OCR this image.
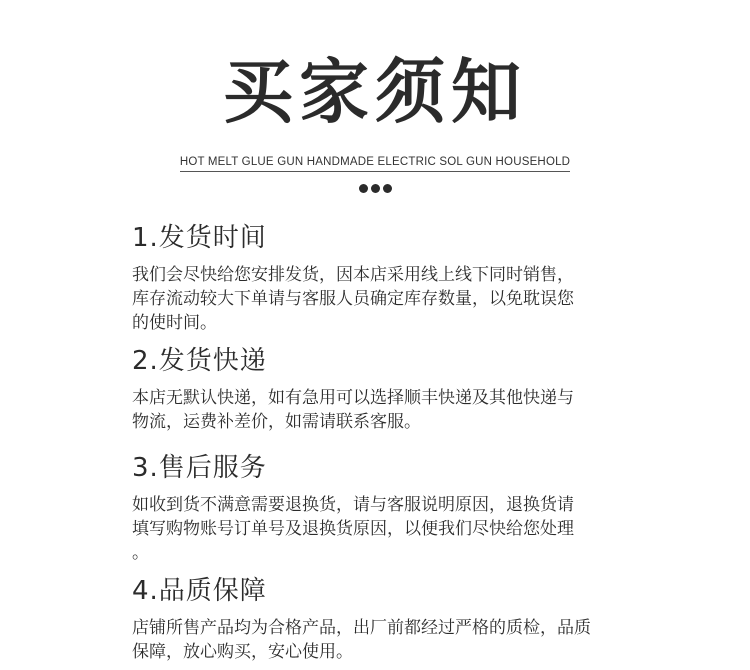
买家须知
HOT MELT GLUE GUN HANDMADE ELECTRIC SOL GUN HOUSEHOLD
1.发货时间

我们会尽快给您安排发货，因本店采用线上线下同时销售，
库存流动较大下单请与客服人员确定库存数量，以免耽误您
的使时间。

2.发货快递

本店无默认快递，如有急用可以选择顺丰快递及其他快递与
物流，运费补差价，如需请联系客服。

3.售后服务

如收到货不满意需要退换货，请与客服说明原因，退换货请
填写购物账号订单号及退换货原因，以便我们尽快给您处理
。

4.品质保障

店铺所售产品均为合格产品，出厂前都经过严格的质检，品质
保障，放心购买，安心使用。
